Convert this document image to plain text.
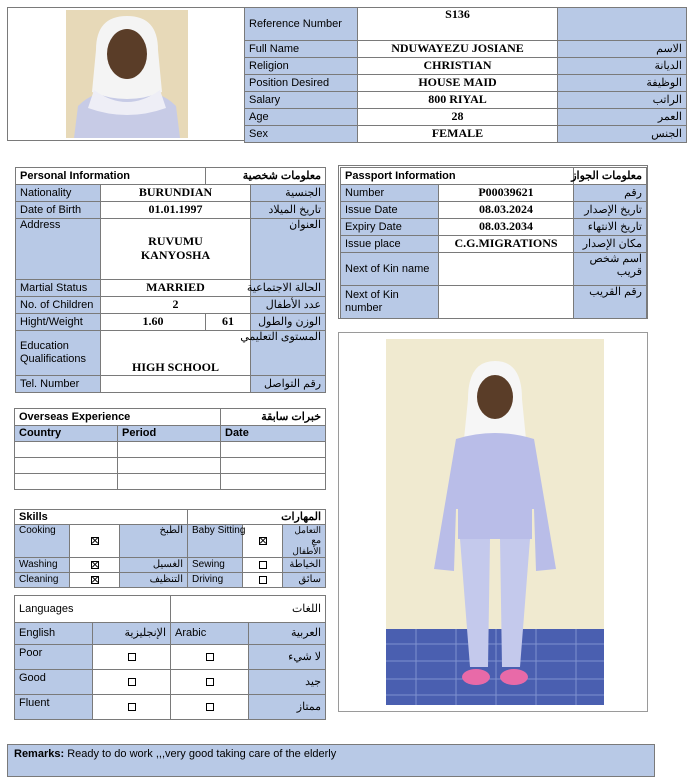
Reference Number	S136	
Full Name	NDUWAYEZU JOSIANE	الاسم
Religion	CHRISTIAN	الديانة
Position Desired	HOUSE MAID	الوظيفة
Salary	800 RIYAL	الراتب
Age	28	العمر
Sex	FEMALE	الجنس
Personal Information		معلومات شخصية	
Nationality	BURUNDIAN		الجنسية
Date of Birth	01.01.1997		تاريخ الميلاد
Address	RUVUMU
KANYOSHA		العنوان
Martial Status	MARRIED		الحالة الاجتماعية
No. of Children	2		عدد الأطفال
Hight/Weight	1.60	61	الوزن والطول
Education Qualifications	HIGH SCHOOL		المستوى التعليمي
Tel. Number			رقم التواصل
Passport Information		معلومات الجواز
Number	P00039621	رقم
Issue Date	08.03.2024	تاريخ الإصدار
Expiry Date	08.03.2034	تاريخ الانتهاء
Issue place	C.G.MIGRATIONS	مكان الإصدار
Next of Kin name		اسم شخص قريب
Next of Kin number		رقم القريب
Overseas Experience		خبرات سابقة
Country	Period	Date

Skills			المهارات		
Cooking		الطبخ	Baby Sitting		التعامل مع الأطفال
Washing		الغسيل	Sewing		الخياطة
Cleaning		التنظيف	Driving		سائق
Languages		اللغات	
English	الإنجليزية	Arabic	العربية
Poor			لا شيء
Good			جيد
Fluent			ممتاز
Remarks: Ready to do work ,,,very good taking care of the elderly
